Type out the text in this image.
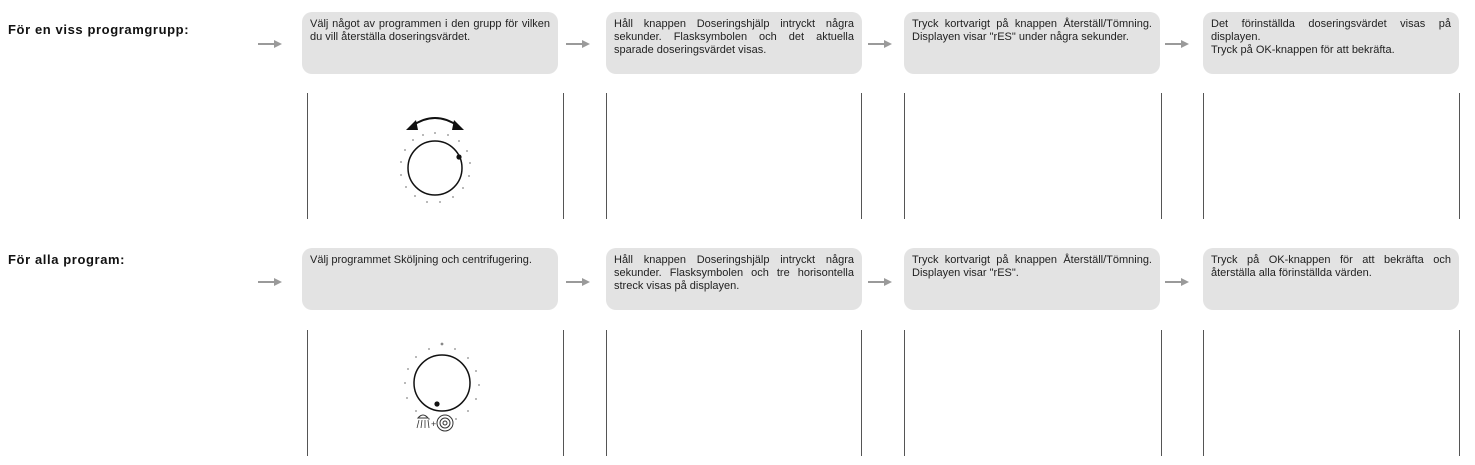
För en viss programgrupp:	Välj något av programmen i den grupp för vilken du vill återställa doseringsvärdet.
Håll knappen Doseringshjälp intryckt några sekunder. Flasksymbolen och det aktuella sparade doseringsvärdet visas.
Tryck kortvarigt på knappen Återställ/Tömning. Displayen visar "rES" under några sekunder.
Det förinställda doseringsvärdet visas på displayen.
Tryck på OK-knappen för att bekräfta.
För alla program:	Välj programmet Sköljning och centrifugering.	Håll knappen Doseringshjälp intryckt några sekunder. Flasksymbolen och tre horisontella streck visas på displayen.
Tryck kortvarigt på knappen Återställ/Tömning. Displayen visar "rES".
Tryck på OK-knappen för att bekräfta och återställa alla förinställda värden.
+
